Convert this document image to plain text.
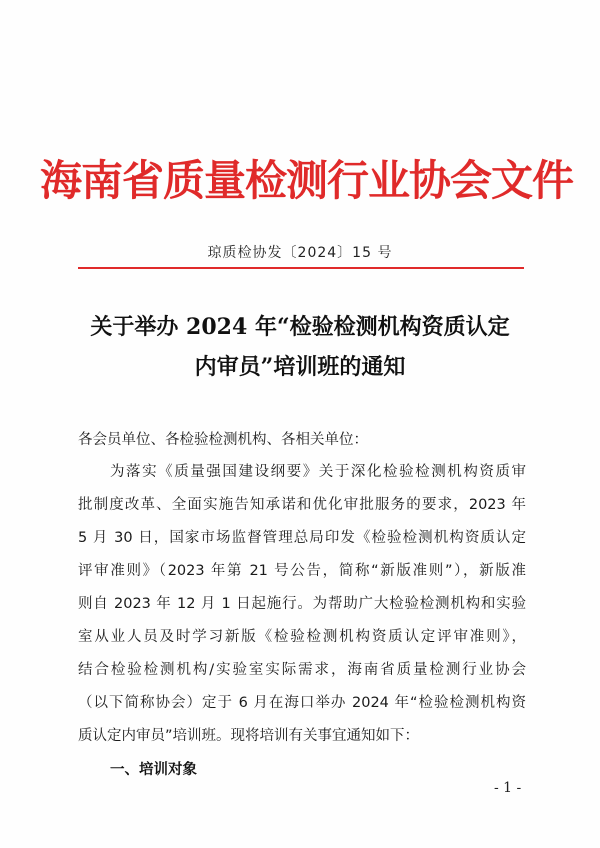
海南省质量检测行业协会文件
琼质检协发〔2024〕15 号
关于举办 2024 年“检验检测机构资质认定
内审员”培训班的通知
各会员单位、各检验检测机构、各相关单位：
为落实《质量强国建设纲要》关于深化检验检测机构资质审
批制度改革、全面实施告知承诺和优化审批服务的要求，2023 年
5 月 30 日，国家市场监督管理总局印发《检验检测机构资质认定
评审准则》（2023 年第 21 号公告，简称“新版准则”），新版准
则自 2023 年 12 月 1 日起施行。为帮助广大检验检测机构和实验
室从业人员及时学习新版《检验检测机构资质认定评审准则》，
结合检验检测机构/实验室实际需求，海南省质量检测行业协会
（以下简称协会）定于 6 月在海口举办 2024 年“检验检测机构资
质认定内审员”培训班。现将培训有关事宜通知如下：
一、培训对象
- 1 -
